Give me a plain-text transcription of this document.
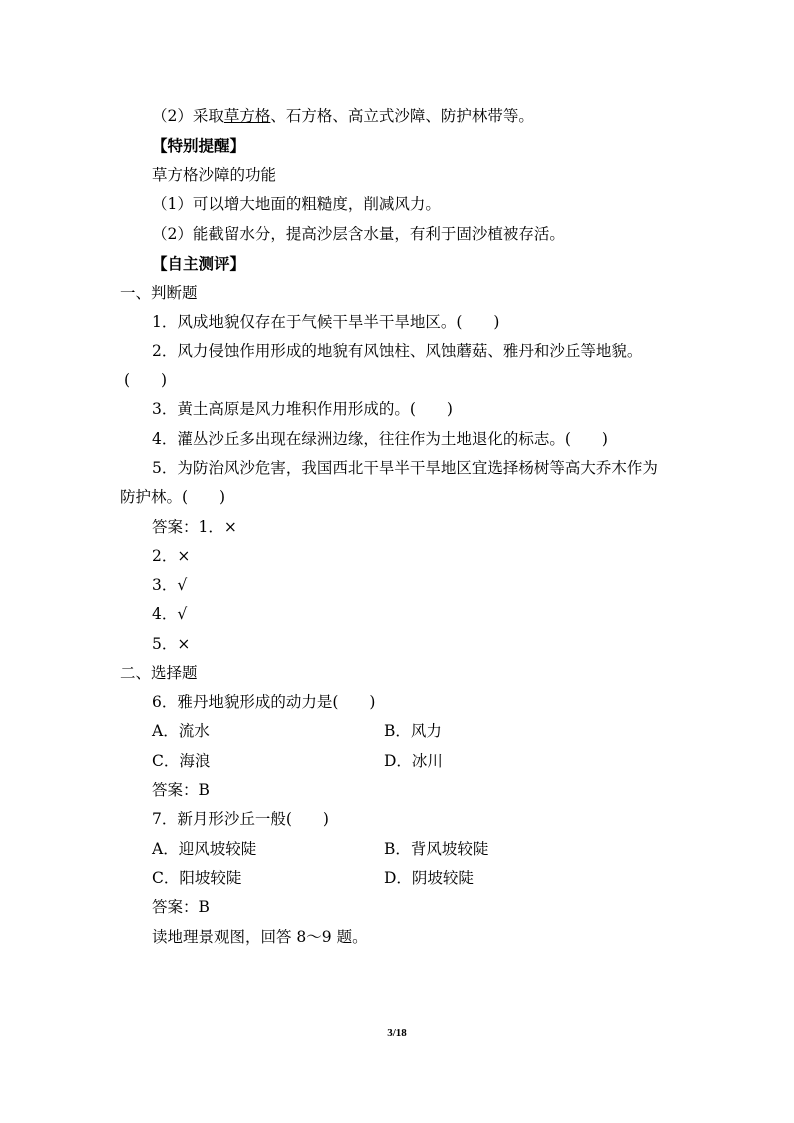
（2）采取草方格、石方格、高立式沙障、防护林带等。
【特别提醒】
草方格沙障的功能
（1）可以增大地面的粗糙度，削减风力。
（2）能截留水分，提高沙层含水量，有利于固沙植被存活。
【自主测评】
一、判断题
1．风成地貌仅存在于气候干旱半干旱地区。(　　)
2．风力侵蚀作用形成的地貌有风蚀柱、风蚀蘑菇、雅丹和沙丘等地貌。
(　　)
3．黄土高原是风力堆积作用形成的。(　　)
4．灌丛沙丘多出现在绿洲边缘，往往作为土地退化的标志。(　　)
5．为防治风沙危害，我国西北干旱半干旱地区宜选择杨树等高大乔木作为
防护林。(　　)
答案：1．×
2．×
3．√
4．√
5．×
二、选择题
6．雅丹地貌形成的动力是(　　)
A．流水	B．风力
C．海浪	D．冰川
答案：B
7．新月形沙丘一般(　　)
A．迎风坡较陡	B．背风坡较陡
C．阳坡较陡	D．阴坡较陡
答案：B
读地理景观图，回答 8～9 题。
3/18
